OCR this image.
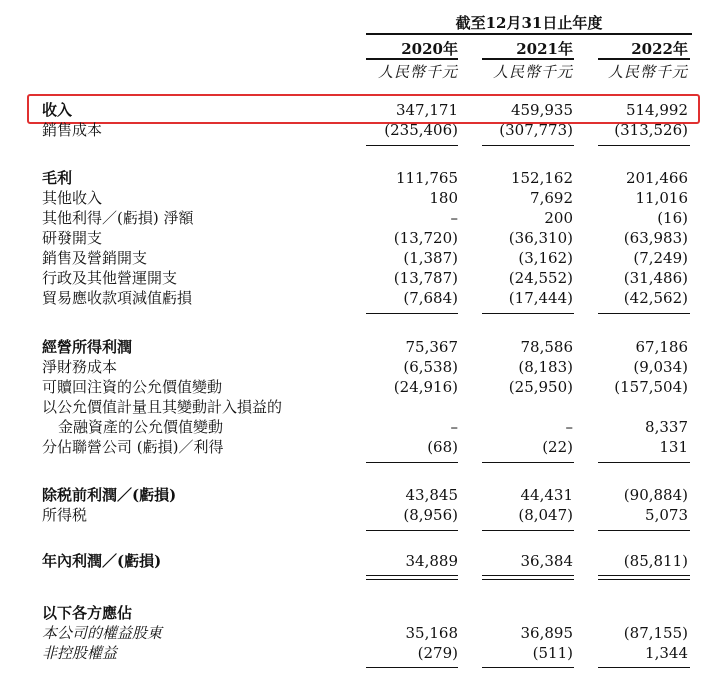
截至12月31日止年度
2020年	2021年	2022年
人民幣千元	人民幣千元	人民幣千元
收入	347,171	459,935	514,992
銷售成本	(235,406)	(307,773)	(313,526)
毛利	111,765	152,162	201,466
其他收入	180	7,692	11,016
其他利得／(虧損) 淨額	–	200	(16)
研發開支	(13,720)	(36,310)	(63,983)
銷售及營銷開支	(1,387)	(3,162)	(7,249)
行政及其他營運開支	(13,787)	(24,552)	(31,486)
貿易應收款項減值虧損	(7,684)	(17,444)	(42,562)
經營所得利潤	75,367	78,586	67,186
淨財務成本	(6,538)	(8,183)	(9,034)
可贖回注資的公允價值變動	(24,916)	(25,950)	(157,504)
以公允價值計量且其變動計入損益的
金融資產的公允價值變動	–	–	8,337
分佔聯營公司 (虧損)／利得	(68)	(22)	131
除税前利潤／(虧損)	43,845	44,431	(90,884)
所得税	(8,956)	(8,047)	5,073
年內利潤／(虧損)	34,889	36,384	(85,811)
以下各方應佔
本公司的權益股東	35,168	36,895	(87,155)
非控股權益	(279)	(511)	1,344
